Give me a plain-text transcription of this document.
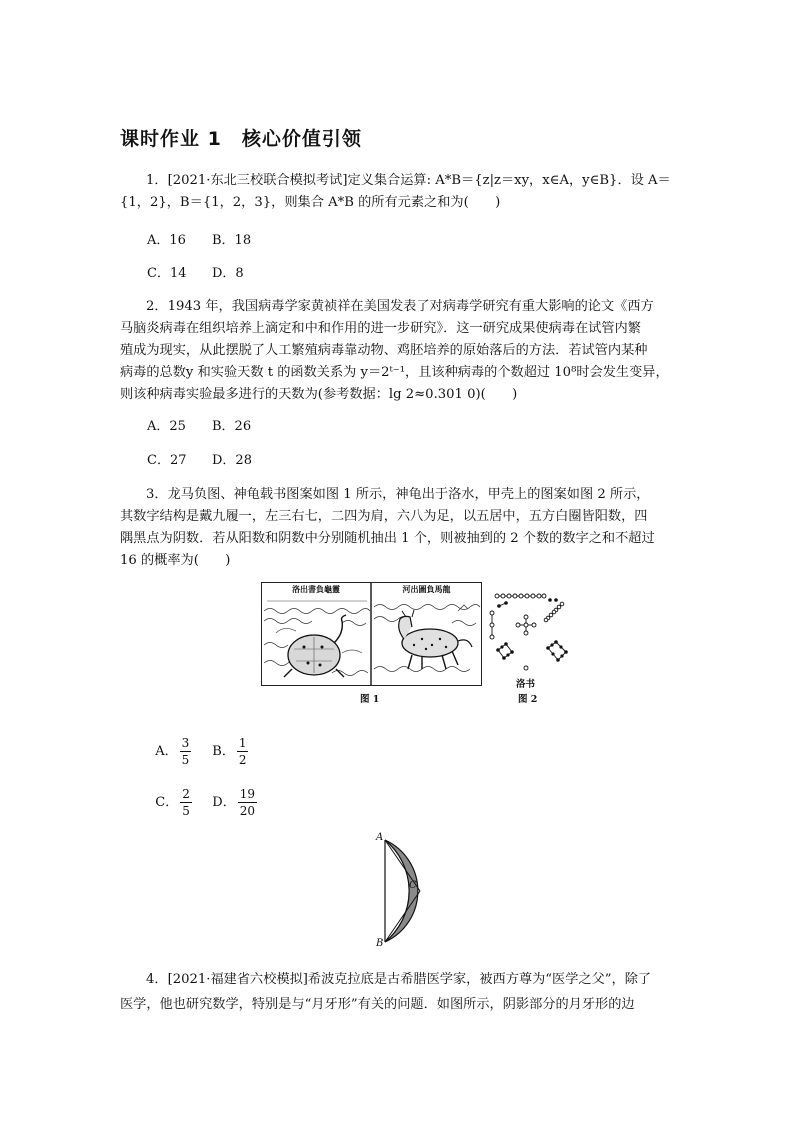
课时作业 1　核心价值引领
1．[2021·东北三校联合模拟考试]定义集合运算: A*B＝{z|z＝xy，x∈A，y∈B}．设 A＝
{1，2}，B＝{1，2，3}，则集合 A*B 的所有元素之和为(　　)
A．16 B．18
C．14 D．8
2．1943 年，我国病毒学家黄祯祥在美国发表了对病毒学研究有重大影响的论文《西方
马脑炎病毒在组织培养上滴定和中和作用的进一步研究》．这一研究成果使病毒在试管内繁
殖成为现实，从此摆脱了人工繁殖病毒靠动物、鸡胚培养的原始落后的方法．若试管内某种
病毒的总数y 和实验天数 t 的函数关系为 y＝2ᵗ⁻¹，且该种病毒的个数超过 10⁸时会发生变异，
则该种病毒实验最多进行的天数为(参考数据：lg 2≈0.301 0)(　　)
A．25 B．26
C．27 D．28
3．龙马负图、神龟载书图案如图 1 所示，神龟出于洛水，甲壳上的图案如图 2 所示，
其数字结构是戴九履一，左三右七，二四为肩，六八为足，以五居中，五方白圈皆阳数，四
隅黑点为阴数．若从阳数和阴数中分别随机抽出 1 个，则被抽到的 2 个数的数字之和不超过
16 的概率为(　　)
洛出書負龜靈	河出圖負馬龍
图 1
洛书
图 2

A． $\frac{3}{5}$	B． $\frac{1}{2}$

C． $\frac{2}{5}$	D． $\frac{19}{20}$

A
B
C
4．[2021·福建省六校模拟]希波克拉底是古希腊医学家，被西方尊为“医学之父”，除了
医学，他也研究数学，特别是与“月牙形”有关的问题．如图所示，阴影部分的月牙形的边
